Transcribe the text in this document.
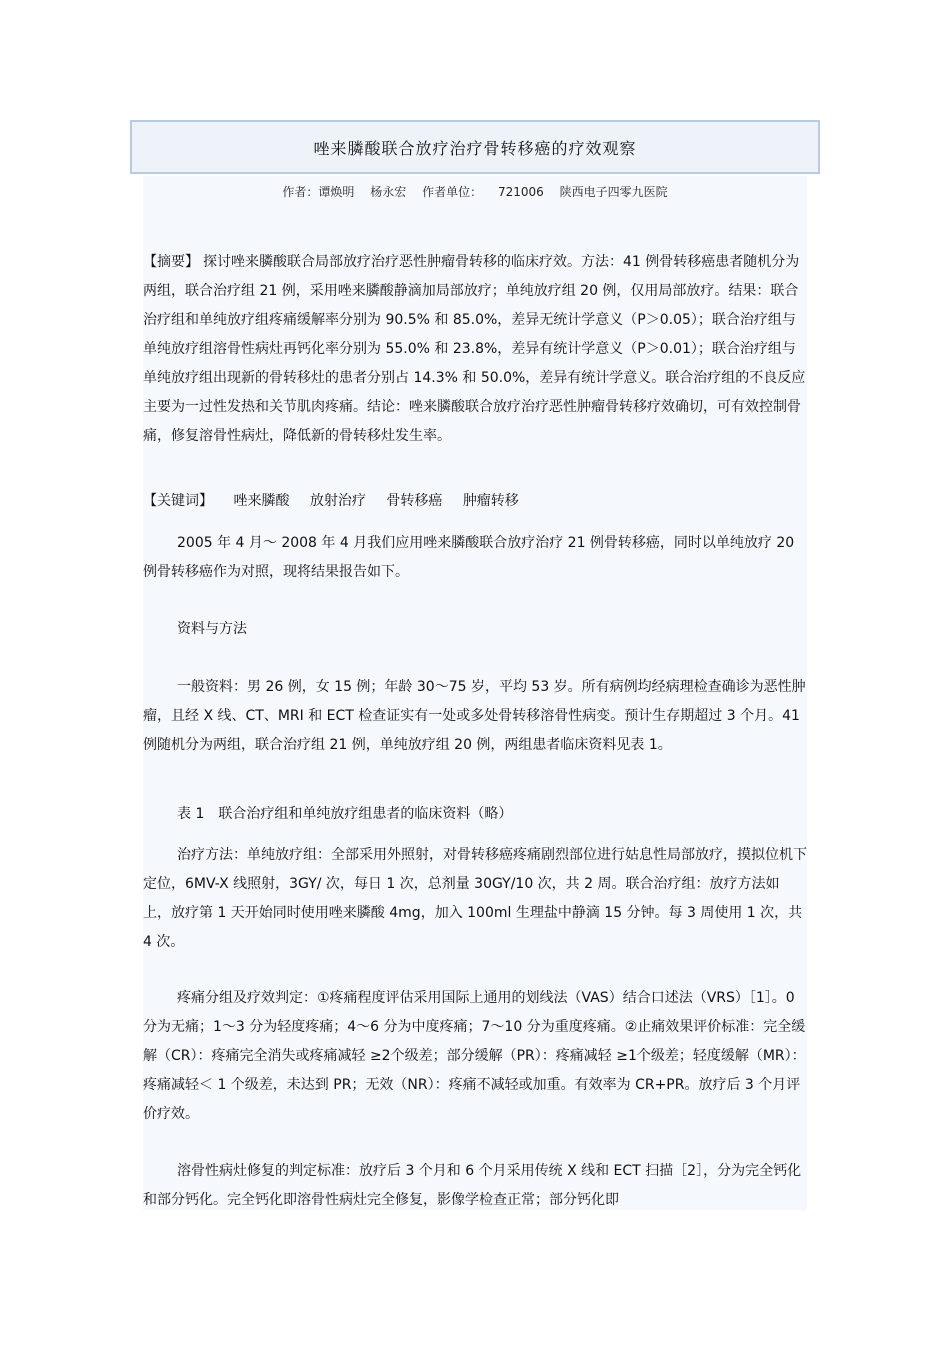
唑来膦酸联合放疗治疗骨转移癌的疗效观察
作者：谭焕明 杨永宏 作者单位： 721006 陕西电子四零九医院

【摘要】 探讨唑来膦酸联合局部放疗治疗恶性肿瘤骨转移的临床疗效。方法：41 例骨转移癌患者随机分为两组，联合治疗组 21 例，采用唑来膦酸静滴加局部放疗；单纯放疗组 20 例，仅用局部放疗。结果：联合治疗组和单纯放疗组疼痛缓解率分别为 90.5% 和 85.0%，差异无统计学意义（P＞0.05）；联合治疗组与单纯放疗组溶骨性病灶再钙化率分别为 55.0% 和 23.8%，差异有统计学意义（P＞0.01）；联合治疗组与单纯放疗组出现新的骨转移灶的患者分别占 14.3% 和 50.0%，差异有统计学意义。联合治疗组的不良反应主要为一过性发热和关节肌肉疼痛。结论：唑来膦酸联合放疗治疗恶性肿瘤骨转移疗效确切，可有效控制骨痛，修复溶骨性病灶，降低新的骨转移灶发生率。

【关键词】 唑来膦酸 放射治疗 骨转移癌 肿瘤转移

2005 年 4 月～ 2008 年 4 月我们应用唑来膦酸联合放疗治疗 21 例骨转移癌，同时以单纯放疗 20 例骨转移癌作为对照，现将结果报告如下。

资料与方法

一般资料：男 26 例，女 15 例；年龄 30～75 岁，平均 53 岁。所有病例均经病理检查确诊为恶性肿瘤，且经 X 线、CT、MRI 和 ECT 检查证实有一处或多处骨转移溶骨性病变。预计生存期超过 3 个月。41 例随机分为两组，联合治疗组 21 例，单纯放疗组 20 例，两组患者临床资料见表 1。

表 1　联合治疗组和单纯放疗组患者的临床资料（略）

治疗方法：单纯放疗组：全部采用外照射，对骨转移癌疼痛剧烈部位进行姑息性局部放疗，摸拟位机下定位，6MV-X 线照射，3GY/ 次，每日 1 次，总剂量 30GY/10 次，共 2 周。联合治疗组：放疗方法如上，放疗第 1 天开始同时使用唑来膦酸 4mg，加入 100ml 生理盐中静滴 15 分钟。每 3 周使用 1 次，共 4 次。

疼痛分组及疗效判定：①疼痛程度评估采用国际上通用的划线法（VAS）结合口述法（VRS）［1］。0 分为无痛；1～3 分为轻度疼痛；4～6 分为中度疼痛；7～10 分为重度疼痛。②止痛效果评价标准：完全缓解（CR）：疼痛完全消失或疼痛减轻 ≥2个级差；部分缓解（PR）：疼痛减轻 ≥1个级差；轻度缓解（MR）：疼痛减轻＜ 1 个级差，未达到 PR；无效（NR）：疼痛不减轻或加重。有效率为 CR+PR。放疗后 3 个月评价疗效。

溶骨性病灶修复的判定标准：放疗后 3 个月和 6 个月采用传统 X 线和 ECT 扫描［2］，分为完全钙化和部分钙化。完全钙化即溶骨性病灶完全修复，影像学检查正常；部分钙化即
